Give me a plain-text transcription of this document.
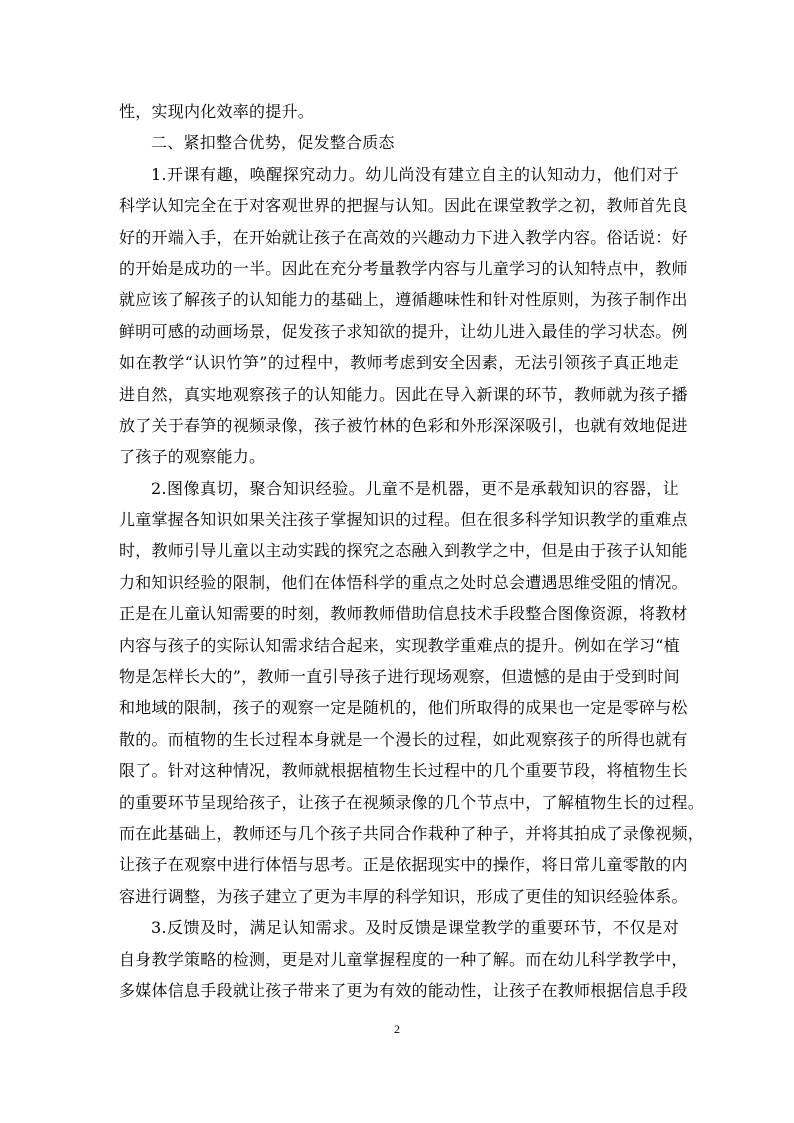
性，实现内化效率的提升。
二、紧扣整合优势，促发整合质态
1.开课有趣，唤醒探究动力。幼儿尚没有建立自主的认知动力，他们对于
科学认知完全在于对客观世界的把握与认知。因此在课堂教学之初，教师首先良
好的开端入手，在开始就让孩子在高效的兴趣动力下进入教学内容。俗话说：好
的开始是成功的一半。因此在充分考量教学内容与儿童学习的认知特点中，教师
就应该了解孩子的认知能力的基础上，遵循趣味性和针对性原则，为孩子制作出
鲜明可感的动画场景，促发孩子求知欲的提升，让幼儿进入最佳的学习状态。例
如在教学“认识竹笋”的过程中，教师考虑到安全因素，无法引领孩子真正地走
进自然，真实地观察孩子的认知能力。因此在导入新课的环节，教师就为孩子播
放了关于春笋的视频录像，孩子被竹林的色彩和外形深深吸引，也就有效地促进
了孩子的观察能力。
2.图像真切，聚合知识经验。儿童不是机器，更不是承载知识的容器，让
儿童掌握各知识如果关注孩子掌握知识的过程。但在很多科学知识教学的重难点
时，教师引导儿童以主动实践的探究之态融入到教学之中，但是由于孩子认知能
力和知识经验的限制，他们在体悟科学的重点之处时总会遭遇思维受阻的情况。
正是在儿童认知需要的时刻，教师教师借助信息技术手段整合图像资源，将教材
内容与孩子的实际认知需求结合起来，实现教学重难点的提升。例如在学习“植
物是怎样长大的”，教师一直引导孩子进行现场观察，但遗憾的是由于受到时间
和地域的限制，孩子的观察一定是随机的，他们所取得的成果也一定是零碎与松
散的。而植物的生长过程本身就是一个漫长的过程，如此观察孩子的所得也就有
限了。针对这种情况，教师就根据植物生长过程中的几个重要节段，将植物生长
的重要环节呈现给孩子，让孩子在视频录像的几个节点中，了解植物生长的过程。
而在此基础上，教师还与几个孩子共同合作栽种了种子，并将其拍成了录像视频，
让孩子在观察中进行体悟与思考。正是依据现实中的操作，将日常儿童零散的内
容进行调整，为孩子建立了更为丰厚的科学知识，形成了更佳的知识经验体系。
3.反馈及时，满足认知需求。及时反馈是课堂教学的重要环节，不仅是对
自身教学策略的检测，更是对儿童掌握程度的一种了解。而在幼儿科学教学中，
多媒体信息手段就让孩子带来了更为有效的能动性，让孩子在教师根据信息手段
2
